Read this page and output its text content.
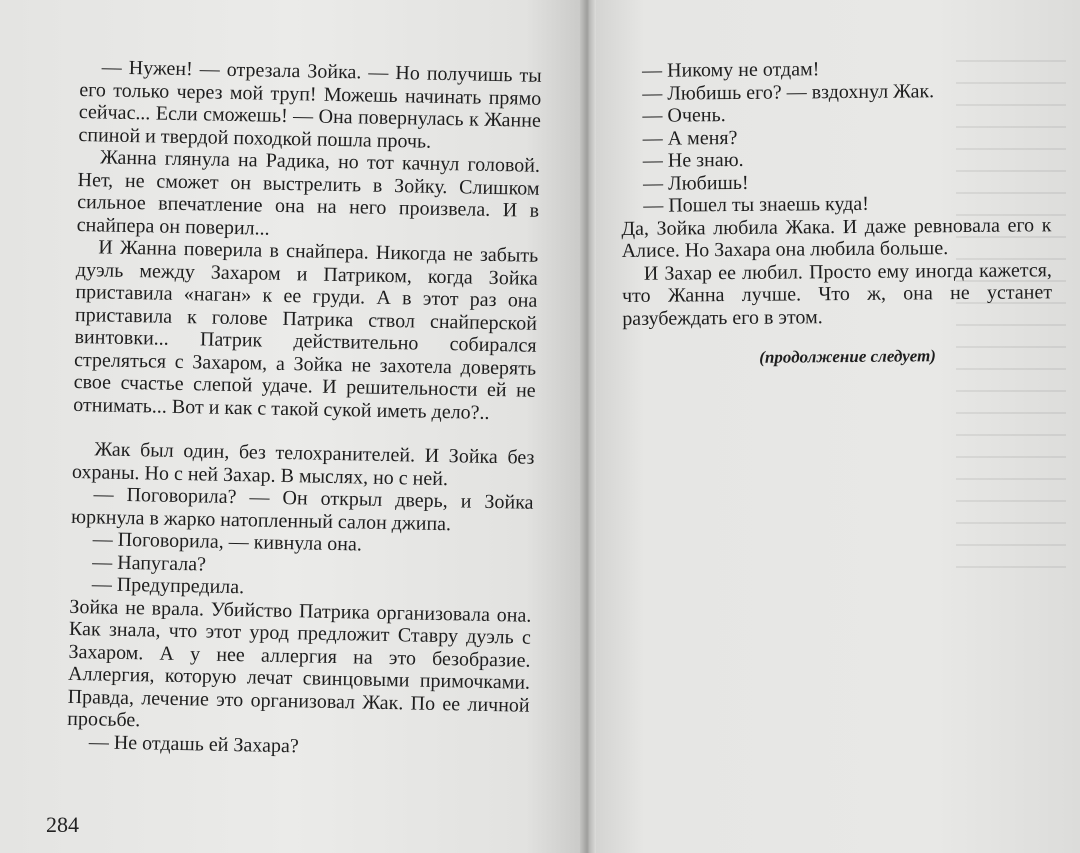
— Нужен! — отрезала Зойка. — Но получишь ты его только через мой труп! Можешь начинать прямо сейчас... Если сможешь! — Она повернулась к Жанне спиной и твердой походкой пошла прочь.

Жанна глянула на Радика, но тот качнул головой. Нет, не сможет он выстрелить в Зойку. Слишком сильное впечатление она на него произвела. И в снайпера он поверил...

И Жанна поверила в снайпера. Никогда не забыть дуэль между Захаром и Патриком, когда Зойка приставила «наган» к ее груди. А в этот раз она приставила к голове Патрика ствол снайперской винтовки... Патрик действительно собирался стреляться с Захаром, а Зойка не захотела доверять свое счастье слепой удаче. И решительности ей не отнимать... Вот и как с такой сукой иметь дело?..

Жак был один, без телохранителей. И Зойка без охраны. Но с ней Захар. В мыслях, но с ней.

— Поговорила? — Он открыл дверь, и Зойка юркнула в жарко натопленный салон джипа.

— Поговорила, — кивнула она.

— Напугала?

— Предупредила.

Зойка не врала. Убийство Патрика организовала она. Как знала, что этот урод предложит Ставру дуэль с Захаром. А у нее аллергия на это безобразие. Аллергия, которую лечат свинцовыми примочками. Правда, лечение это организовал Жак. По ее личной просьбе.

— Не отдашь ей Захара?

284

— Никому не отдам!

— Любишь его? — вздохнул Жак.

— Очень.

— А меня?

— Не знаю.

— Любишь!

— Пошел ты знаешь куда!

Да, Зойка любила Жака. И даже ревновала его к Алисе. Но Захара она любила больше.

И Захар ее любил. Просто ему иногда кажется, что Жанна лучше. Что ж, она не устанет разубеждать его в этом.

(продолжение следует)
